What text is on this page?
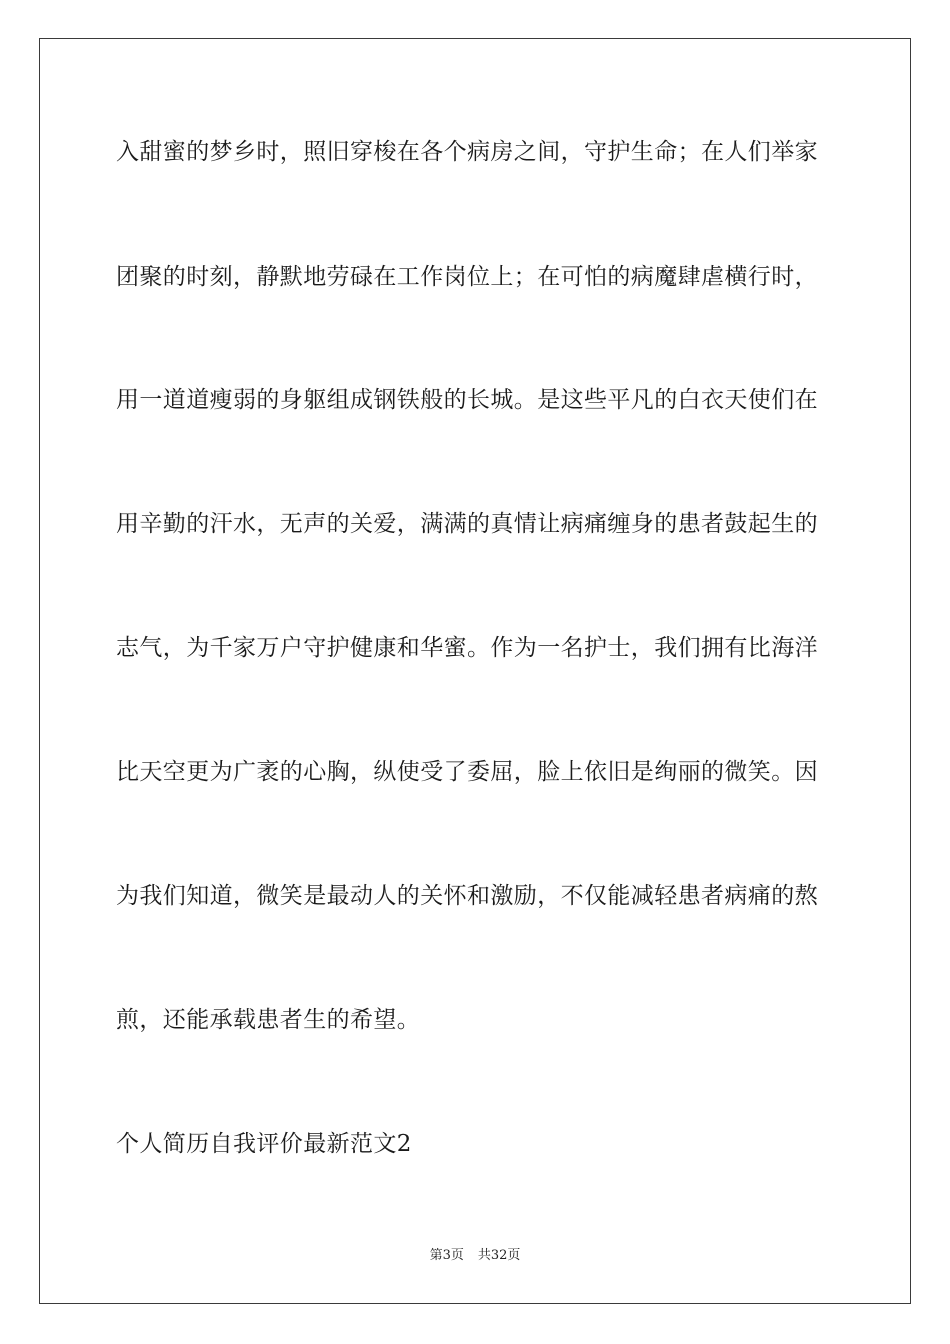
入甜蜜的梦乡时，照旧穿梭在各个病房之间，守护生命；在人们举家
团聚的时刻，静默地劳碌在工作岗位上；在可怕的病魔肆虐横行时，
用一道道瘦弱的身躯组成钢铁般的长城。是这些平凡的白衣天使们在
用辛勤的汗水，无声的关爱，满满的真情让病痛缠身的患者鼓起生的
志气，为千家万户守护健康和华蜜。作为一名护士，我们拥有比海洋
比天空更为广袤的心胸，纵使受了委屈，脸上依旧是绚丽的微笑。因
为我们知道，微笑是最动人的关怀和激励，不仅能减轻患者病痛的熬
煎，还能承载患者生的希望。
个人简历自我评价最新范文2
第3页 共32页
